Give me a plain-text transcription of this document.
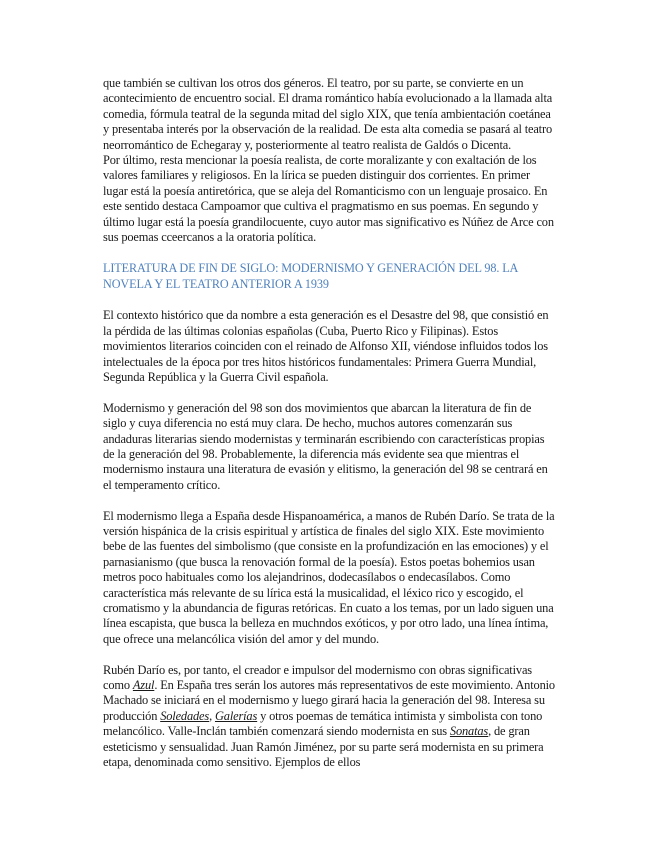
que también se cultivan los otros dos géneros. El teatro, por su parte, se convierte en un acontecimiento de encuentro social. El drama romántico había evolucionado a la llamada alta comedia, fórmula teatral de la segunda mitad del siglo XIX, que tenía ambientación coetánea y presentaba interés por la observación de la realidad. De esta alta comedia se pasará al teatro neorromántico de Echegaray y, posteriormente al teatro realista de Galdós o Dicenta.

Por último, resta mencionar la poesía realista, de corte moralizante y con exaltación de los valores familiares y religiosos. En la lírica se pueden distinguir dos corrientes. En primer lugar está la poesía antiretórica, que se aleja del Romanticismo con un lenguaje prosaico. En este sentido destaca Campoamor que cultiva el pragmatismo en sus poemas. En segundo y último lugar está la poesía grandilocuente, cuyo autor mas significativo es Núñez de Arce con sus poemas cceercanos a la oratoria política.

LITERATURA DE FIN DE SIGLO: MODERNISMO Y GENERACIÓN DEL 98. LA NOVELA Y EL TEATRO ANTERIOR A 1939

El contexto histórico que da nombre a esta generación es el Desastre del 98, que consistió en la pérdida de las últimas colonias españolas (Cuba, Puerto Rico y Filipinas). Estos movimientos literarios coinciden con el reinado de Alfonso XII, viéndose influidos todos los intelectuales de la época por tres hitos históricos fundamentales: Primera Guerra Mundial, Segunda República y la Guerra Civil española.

Modernismo y generación del 98 son dos movimientos que abarcan la literatura de fin de siglo y cuya diferencia no está muy clara. De hecho, muchos autores comenzarán sus andaduras literarias siendo modernistas y terminarán escribiendo con características propias de la generación del 98. Probablemente, la diferencia más evidente sea que mientras el modernismo instaura una literatura de evasión y elitismo, la generación del 98 se centrará en el temperamento crítico.

El modernismo llega a España desde Hispanoamérica, a manos de Rubén Darío. Se trata de la versión hispánica de la crisis espiritual y artística de finales del siglo XIX. Este movimiento bebe de las fuentes del simbolismo (que consiste en la profundización en las emociones) y el parnasianismo (que busca la renovación formal de la poesía). Estos poetas bohemios usan metros poco habituales como los alejandrinos, dodecasílabos o endecasílabos. Como característica más relevante de su lírica está la musicalidad, el léxico rico y escogido, el cromatismo y la abundancia de figuras retóricas. En cuato a los temas, por un lado siguen una línea escapista, que busca la belleza en muchndos exóticos, y por otro lado, una línea íntima, que ofrece una melancólica visión del amor y del mundo.

Rubén Darío es, por tanto, el creador e impulsor del modernismo con obras significativas como Azul. En España tres serán los autores más representativos de este movimiento. Antonio Machado se iniciará en el modernismo y luego girará hacia la generación del 98. Interesa su producción Soledades, Galerías y otros poemas de temática intimista y simbolista con tono melancólico. Valle-Inclán también comenzará siendo modernista en sus Sonatas, de gran esteticismo y sensualidad. Juan Ramón Jiménez, por su parte será modernista en su primera etapa, denominada como sensitivo. Ejemplos de ellos
